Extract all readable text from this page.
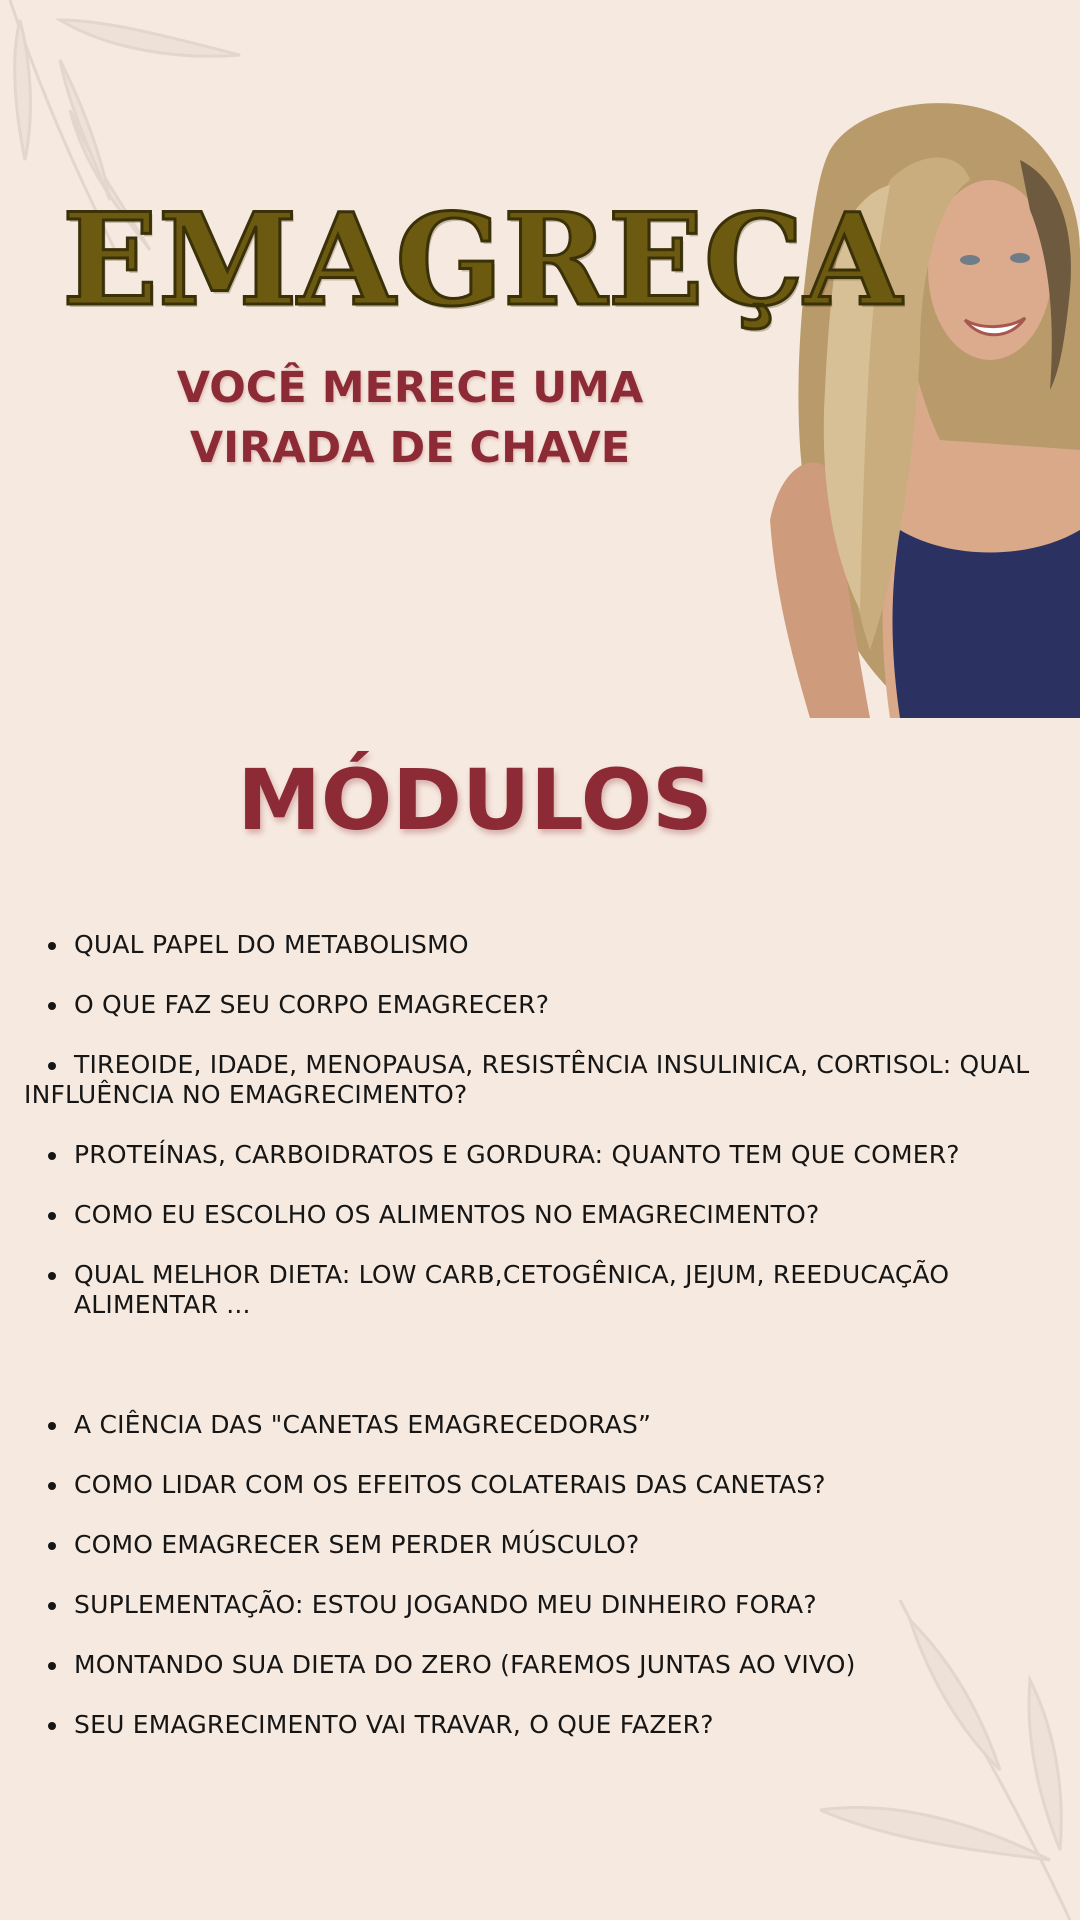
EMAGREÇA
VOCÊ MERECE UMA
VIRADA DE CHAVE
MÓDULOS
QUAL PAPEL DO METABOLISMO
O QUE FAZ SEU CORPO EMAGRECER?
TIREOIDE, IDADE, MENOPAUSA, RESISTÊNCIA INSULINICA, CORTISOL: QUAL INFLUÊNCIA NO EMAGRECIMENTO?
PROTEÍNAS, CARBOIDRATOS E GORDURA: QUANTO TEM QUE COMER?
COMO EU ESCOLHO OS ALIMENTOS NO EMAGRECIMENTO?
QUAL MELHOR DIETA: LOW CARB,CETOGÊNICA, JEJUM, REEDUCAÇÃO ALIMENTAR ...
A CIÊNCIA DAS "CANETAS EMAGRECEDORAS”
COMO LIDAR COM OS EFEITOS COLATERAIS DAS CANETAS?
COMO EMAGRECER SEM PERDER MÚSCULO?
SUPLEMENTAÇÃO: ESTOU JOGANDO MEU DINHEIRO FORA?
MONTANDO SUA DIETA DO ZERO (FAREMOS JUNTAS AO VIVO)
SEU EMAGRECIMENTO VAI TRAVAR, O QUE FAZER?
